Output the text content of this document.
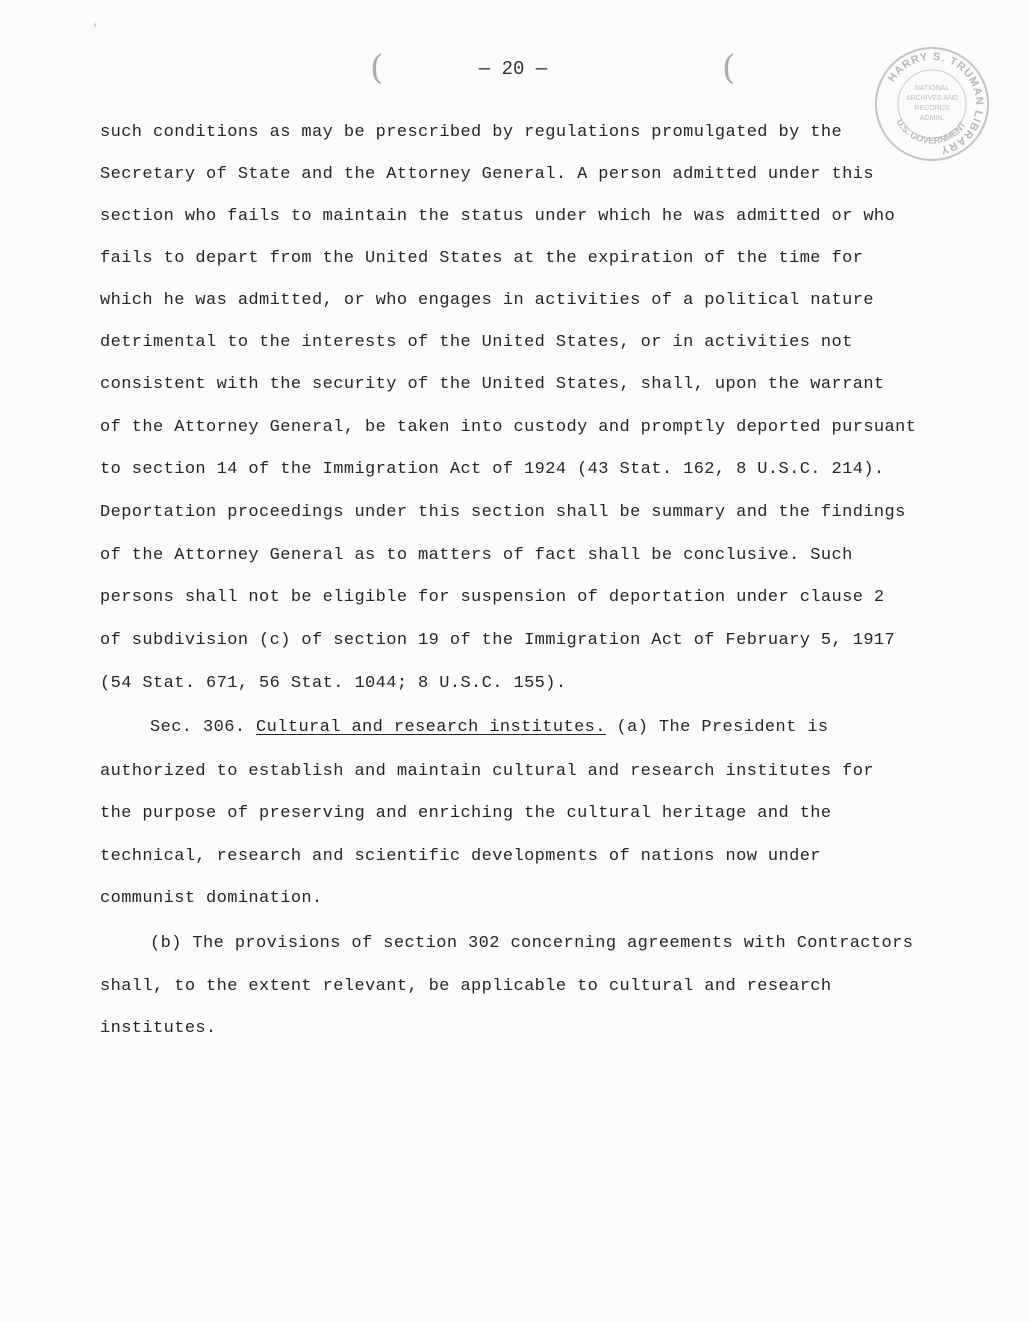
'
(	— 20 —	(	HARRY S. TRUMAN LIBRARY
NATIONAL
ARCHIVES AND
RECORDS
ADMIN.
U.S. GOVERNMENT
such conditions as may be prescribed by regulations promulgated by the
Secretary of State and the Attorney General. A person admitted under this
section who fails to maintain the status under which he was admitted or who
fails to depart from the United States at the expiration of the time for
which he was admitted, or who engages in activities of a political nature
detrimental to the interests of the United States, or in activities not
consistent with the security of the United States, shall, upon the warrant
of the Attorney General, be taken into custody and promptly deported pursuant
to section 14 of the Immigration Act of 1924 (43 Stat. 162, 8 U.S.C. 214).
Deportation proceedings under this section shall be summary and the findings
of the Attorney General as to matters of fact shall be conclusive. Such
persons shall not be eligible for suspension of deportation under clause 2
of subdivision (c) of section 19 of the Immigration Act of February 5, 1917
(54 Stat. 671, 56 Stat. 1044; 8 U.S.C. 155).
Sec. 306. Cultural and research institutes. (a) The President is
authorized to establish and maintain cultural and research institutes for
the purpose of preserving and enriching the cultural heritage and the
technical, research and scientific developments of nations now under
communist domination.
(b) The provisions of section 302 concerning agreements with Contractors
shall, to the extent relevant, be applicable to cultural and research
institutes.
